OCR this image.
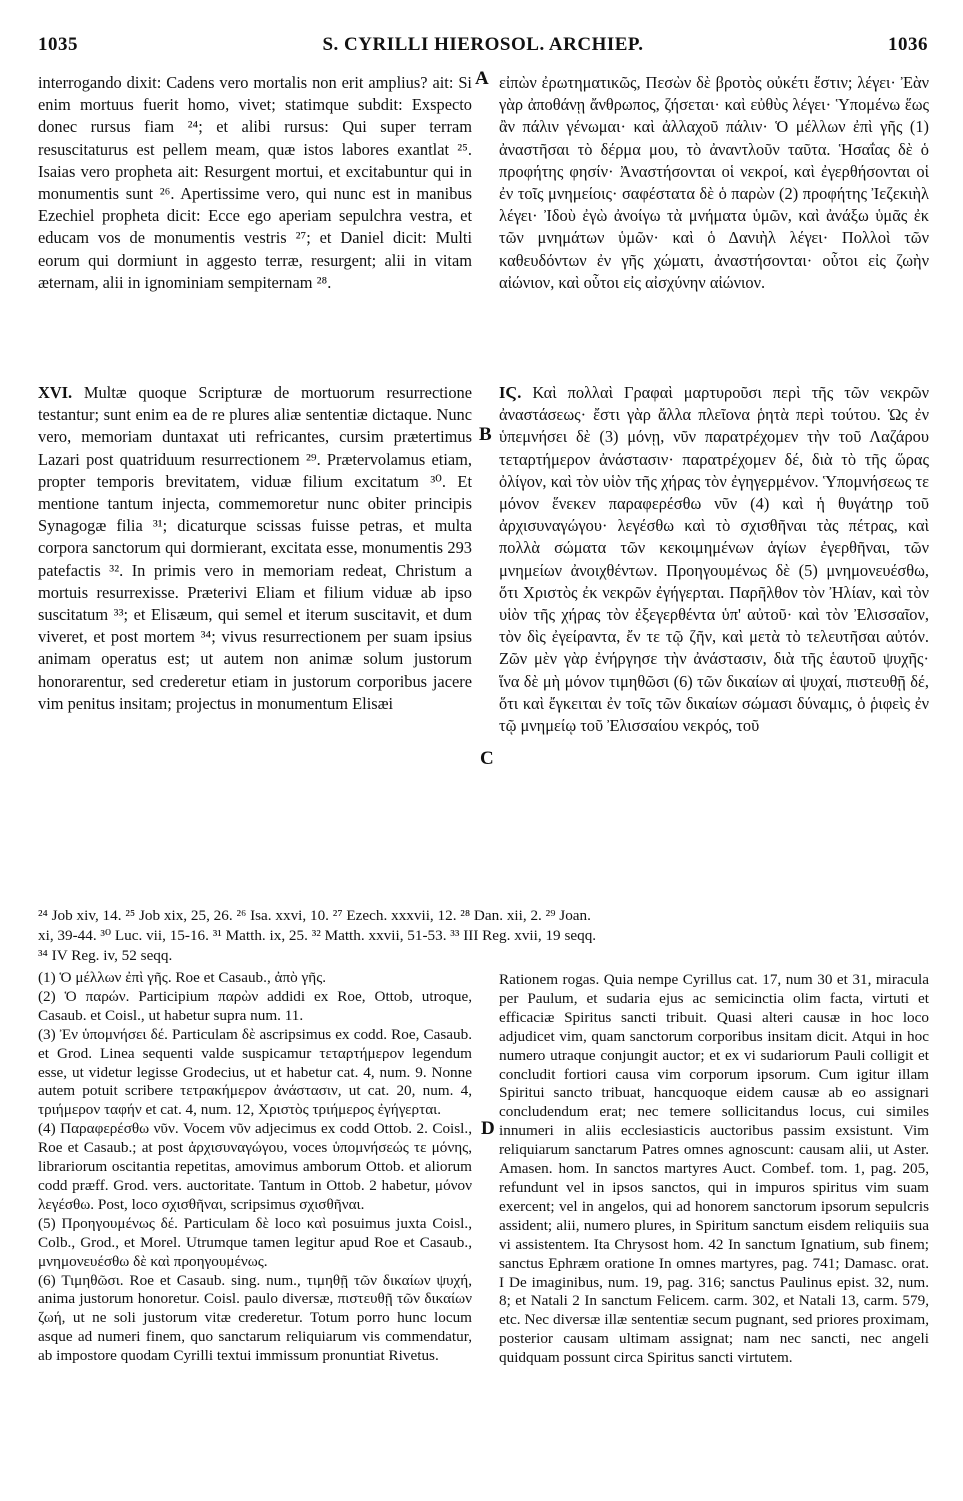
1035	S. CYRILLI HIEROSOL. ARCHIEP.	1036
A
B
C
D

interrogando dixit: Cadens vero mortalis non erit amplius? ait: Si enim mortuus fuerit homo, vivet; statimque subdit: Exspecto donec rursus fiam ²⁴; et alibi rursus: Qui super terram resuscitaturus est pellem meam, quæ istos labores exantlat ²⁵. Isaias vero propheta ait: Resurgent mortui, et excitabuntur qui in monumentis sunt ²⁶. Apertissime vero, qui nunc est in manibus Ezechiel propheta dicit: Ecce ego aperiam sepulchra vestra, et educam vos de monumentis vestris ²⁷; et Daniel dicit: Multi eorum qui dormiunt in aggesto terræ, resurgent; alii in vitam æternam, alii in ignominiam sempiternam ²⁸.

εἰπὼν ἐρωτηματικῶς, Πεσὼν δὲ βροτὸς οὐκέτι ἔστιν; λέγει· Ἐὰν γὰρ ἀποθάνῃ ἄνθρωπος, ζήσεται· καὶ εὐθὺς λέγει· Ὑπομένω ἕως ἂν πάλιν γένωμαι· καὶ ἀλλαχοῦ πάλιν· Ὁ μέλλων ἐπὶ γῆς (1) ἀναστῆσαι τὸ δέρμα μου, τὸ ἀναντλοῦν ταῦτα. Ἡσαΐας δὲ ὁ προφήτης φησίν· Ἀναστήσονται οἱ νεκροί, καὶ ἐγερθήσονται οἱ ἐν τοῖς μνημείοις· σαφέστατα δὲ ὁ παρὼν (2) προφήτης Ἰεζεκιὴλ λέγει· Ἰδοὺ ἐγὼ ἀνοίγω τὰ μνήματα ὑμῶν, καὶ ἀνάξω ὑμᾶς ἐκ τῶν μνημάτων ὑμῶν· καὶ ὁ Δανιὴλ λέγει· Πολλοὶ τῶν καθευδόντων ἐν γῆς χώματι, ἀναστήσονται· οὗτοι εἰς ζωὴν αἰώνιον, καὶ οὗτοι εἰς αἰσχύνην αἰώνιον.

XVI. Multæ quoque Scripturæ de mortuorum resurrectione testantur; sunt enim ea de re plures aliæ sententiæ dictaque. Nunc vero, memoriam duntaxat uti refricantes, cursim prætertimus Lazari post quatriduum resurrectionem ²⁹. Prætervolamus etiam, propter temporis brevitatem, viduæ filium excitatum ³⁰. Et mentione tantum injecta, commemoretur nunc obiter principis Synagogæ filia ³¹; dicaturque scissas fuisse petras, et multa corpora sanctorum qui dormierant, excitata esse, monumentis 293 patefactis ³². In primis vero in memoriam redeat, Christum a mortuis resurrexisse. Præterivi Eliam et filium viduæ ab ipso suscitatum ³³; et Elisæum, qui semel et iterum suscitavit, et dum viveret, et post mortem ³⁴; vivus resurrectionem per suam ipsius animam operatus est; ut autem non animæ solum justorum honorarentur, sed crederetur etiam in justorum corporibus jacere vim penitus insitam; projectus in monumentum Elisæi

ΙϚ. Καὶ πολλαὶ Γραφαὶ μαρτυροῦσι περὶ τῆς τῶν νεκρῶν ἀναστάσεως· ἔστι γὰρ ἄλλα πλεῖονα ῥητὰ περὶ τούτου. Ὡς ἐν ὑπεμνήσει δὲ (3) μόνῃ, νῦν παρατρέχομεν τὴν τοῦ Λαζάρου τεταρτήμερον ἀνάστασιν· παρατρέχομεν δέ, διὰ τὸ τῆς ὥρας ὀλίγον, καὶ τὸν υἱὸν τῆς χήρας τὸν ἐγηγερμένον. Ὑπομνήσεως τε μόνον ἕνεκεν παραφερέσθω νῦν (4) καὶ ἡ θυγάτηρ τοῦ ἀρχισυναγώγου· λεγέσθω καὶ τὸ σχισθῆναι τὰς πέτρας, καὶ πολλὰ σώματα τῶν κεκοιμημένων ἁγίων ἐγερθῆναι, τῶν μνημείων ἀνοιχθέντων. Προηγουμένως δὲ (5) μνημονευέσθω, ὅτι Χριστὸς ἐκ νεκρῶν ἐγήγερται. Παρῆλθον τὸν Ἠλίαν, καὶ τὸν υἱὸν τῆς χήρας τὸν ἐξεγερθέντα ὑπ' αὐτοῦ· καὶ τὸν Ἐλισσαῖον, τὸν δὶς ἐγείραντα, ἔν τε τῷ ζῆν, καὶ μετὰ τὸ τελευτῆσαι αὐτόν. Ζῶν μὲν γὰρ ἐνήργησε τὴν ἀνάστασιν, διὰ τῆς ἑαυτοῦ ψυχῆς· ἵνα δὲ μὴ μόνον τιμηθῶσι (6) τῶν δικαίων αἱ ψυχαί, πιστευθῇ δέ, ὅτι καὶ ἔγκειται ἐν τοῖς τῶν δικαίων σώμασι δύναμις, ὁ ῥιφεὶς ἐν τῷ μνημείῳ τοῦ Ἐλισσαίου νεκρός, τοῦ

²⁴ Job xiv, 14. ²⁵ Job xix, 25, 26. ²⁶ Isa. xxvi, 10. ²⁷ Ezech. xxxvii, 12. ²⁸ Dan. xii, 2. ²⁹ Joan.

xi, 39-44. ³⁰ Luc. vii, 15-16. ³¹ Matth. ix, 25. ³² Matth. xxvii, 51-53. ³³ III Reg. xvii, 19 seqq.

³⁴ IV Reg. iv, 52 seqq.

(1) Ὁ μέλλων ἐπὶ γῆς. Roe et Casaub., ἀπὸ γῆς.

(2) Ὁ παρών. Participium παρὼν addidi ex Roe, Ottob, utroque, Casaub. et Coisl., ut habetur supra num. 11.

(3) Ἐν ὑπομνήσει δέ. Particulam δὲ ascripsimus ex codd. Roe, Casaub. et Grod. Linea sequenti valde suspicamur τεταρτήμερον legendum esse, ut videtur legisse Grodecius, ut et habetur cat. 4, num. 9. Nonne autem potuit scribere τετρακήμερον ἀνάστασιν, ut cat. 20, num. 4, τριήμερον ταφήν et cat. 4, num. 12, Χριστὸς τριήμερος ἐγήγερται.

(4) Παραφερέσθω νῦν. Vocem νῦν adjecimus ex codd Ottob. 2. Coisl., Roe et Casaub.; at post ἀρχισυναγώγου, voces ὑπομνήσεώς τε μόνης, librariorum oscitantia repetitas, amovimus amborum Ottob. et aliorum codd præff. Grod. vers. auctoritate. Tantum in Ottob. 2 habetur, μόνον λεγέσθω. Post, loco σχισθῆναι, scripsimus σχισθῆναι.

(5) Προηγουμένως δέ. Particulam δὲ loco καὶ posuimus juxta Coisl., Colb., Grod., et Morel. Utrumque tamen legitur apud Roe et Casaub., μνημονευέσθω δὲ καὶ προηγουμένως.

(6) Τιμηθῶσι. Roe et Casaub. sing. num., τιμηθῇ τῶν δικαίων ψυχή, anima justorum honoretur. Coisl. paulo diversæ, πιστευθῇ τῶν δικαίων ζωή, ut ne soli justorum vitæ crederetur. Totum porro hunc locum asque ad numeri finem, quo sanctarum reliquiarum vis commendatur, ab impostore quodam Cyrilli textui immissum pronuntiat Rivetus.

Rationem rogas. Quia nempe Cyrillus cat. 17, num 30 et 31, miracula per Paulum, et sudaria ejus ac semicinctia olim facta, virtuti et efficaciæ Spiritus sancti tribuit. Quasi alteri causæ in hoc loco adjudicet vim, quam sanctorum corporibus insitam dicit. Atqui in hoc numero utraque conjungit auctor; et ex vi sudariorum Pauli colligit et concludit fortiori causa vim corporum ipsorum. Cum igitur illam Spiritui sancto tribuat, hancquoque eidem causæ ab eo assignari concludendum erat; nec temere sollicitandus locus, cui similes innumeri in aliis ecclesiasticis auctoribus passim exsistunt. Vim reliquiarum sanctarum Patres omnes agnoscunt: causam alii, ut Aster. Amasen. hom. In sanctos martyres Auct. Combef. tom. 1, pag. 205, refundunt vel in ipsos sanctos, qui in impuros spiritus vim suam exercent; vel in angelos, qui ad honorem sanctorum ipsorum sepulcris assident; alii, numero plures, in Spiritum sanctum eisdem reliquiis sua vi assistentem. Ita Chrysost hom. 42 In sanctum Ignatium, sub finem; sanctus Ephræm oratione In omnes martyres, pag. 741; Damasc. orat. I De imaginibus, num. 19, pag. 316; sanctus Paulinus epist. 32, num. 8; et Natali 2 In sanctum Felicem. carm. 302, et Natali 13, carm. 579, etc. Nec diversæ illæ sententiæ secum pugnant, sed priores proximam, posterior causam ultimam assignat; nam nec sancti, nec angeli quidquam possunt circa Spiritus sancti virtutem.
